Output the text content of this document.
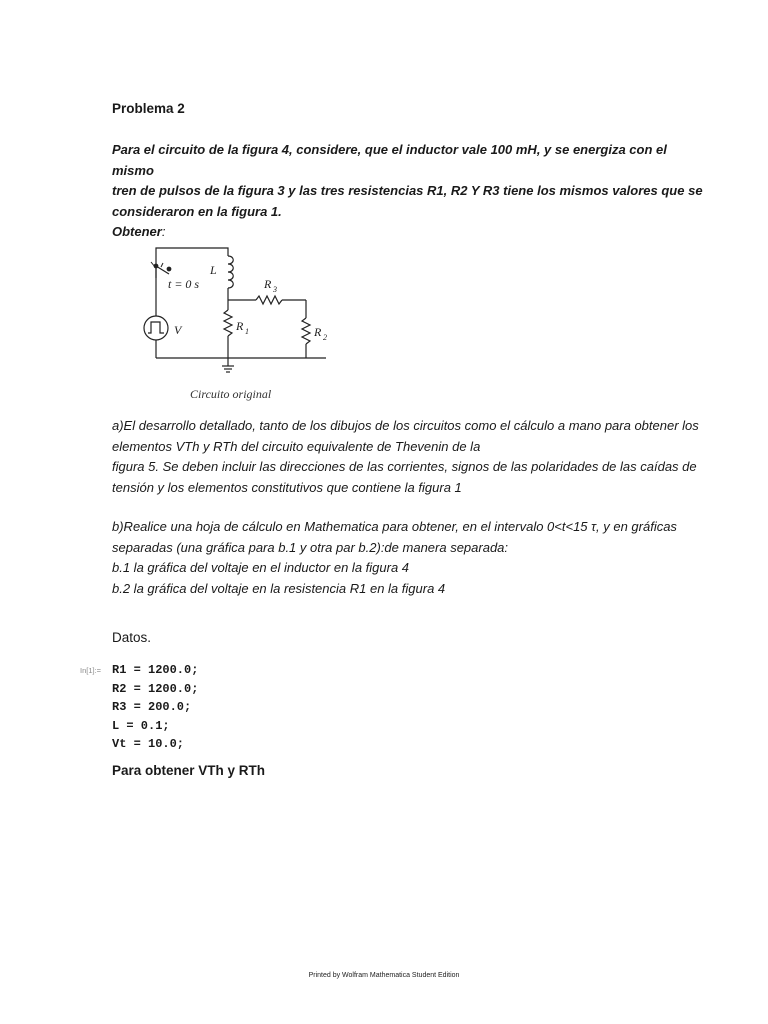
Problema 2
Para el circuito de la figura 4, considere, que el inductor vale 100 mH, y se energiza con el mismo
tren de pulsos de la figura 3 y las tres resistencias R1, R2 Y R3 tiene los mismos valores que se
consideraron en la figura 1.
Obtener:
t = 0 s
V
L
R 1
R 3
R 2
Circuito original
a)El desarrollo detallado, tanto de los dibujos de los circuitos como el cálculo a mano para obtener los
elementos VTh y RTh del circuito equivalente de Thevenin de la
figura 5. Se deben incluir las direcciones de las corrientes, signos de las polaridades de las caídas de
tensión y los elementos constitutivos que contiene la figura 1
b)Realice una hoja de cálculo en Mathematica para obtener, en el intervalo 0<t<15 τ, y en gráficas
separadas (una gráfica para b.1 y otra par b.2):de manera separada:
b.1 la gráfica del voltaje en el inductor en la figura 4
b.2 la gráfica del voltaje en la resistencia R1 en la figura 4
Datos.
In[1]:= R1 = 1200.0;
R2 = 1200.0;
R3 = 200.0;
L = 0.1;
Vt = 10.0;
Para obtener VTh y RTh
Printed by Wolfram Mathematica Student Edition
